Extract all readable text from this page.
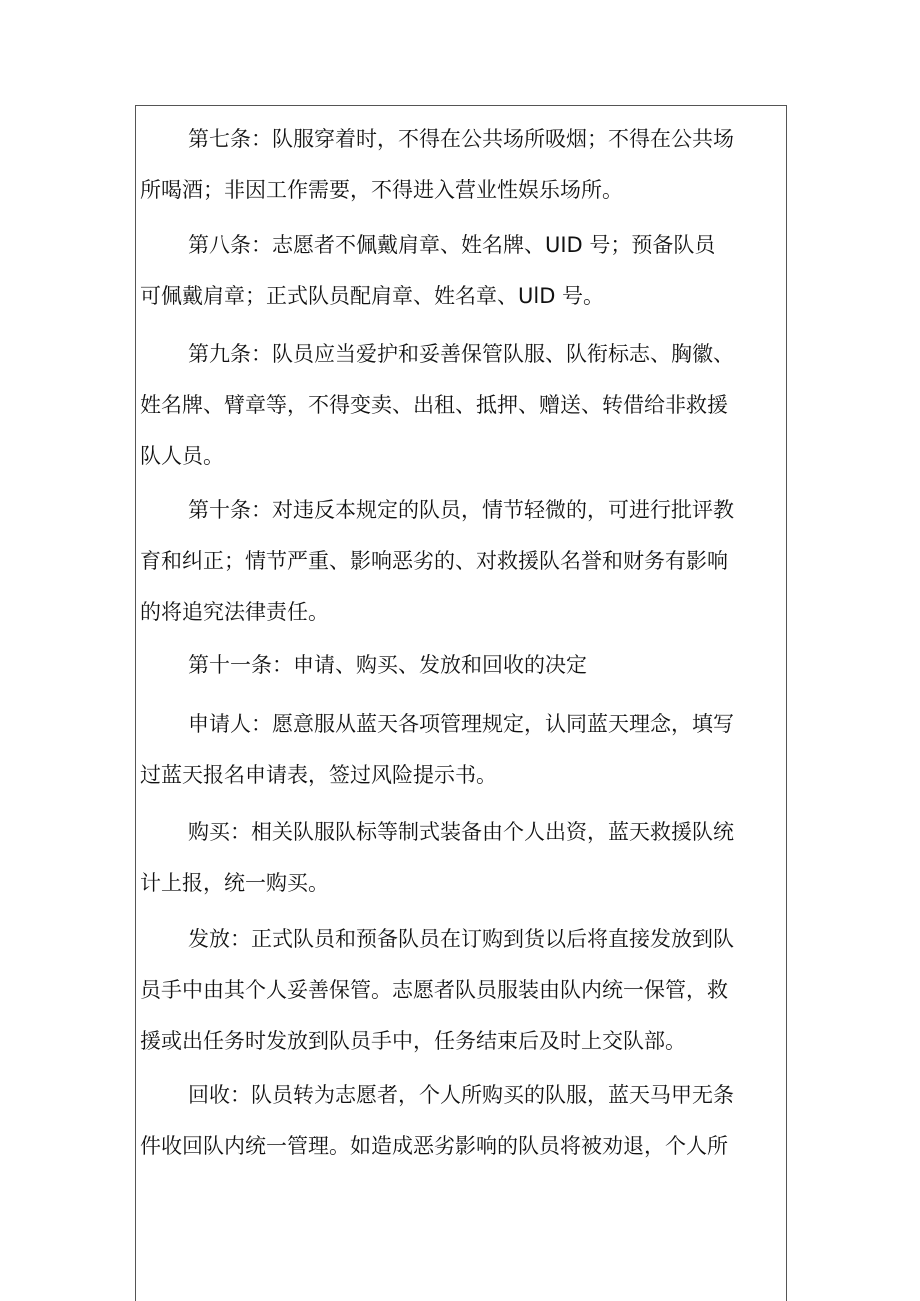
第七条：队服穿着时，不得在公共场所吸烟；不得在公共场
所喝酒；非因工作需要，不得进入营业性娱乐场所。

第八条：志愿者不佩戴肩章、姓名牌、UID 号；预备队员
可佩戴肩章；正式队员配肩章、姓名章、UlD 号。

第九条：队员应当爱护和妥善保管队服、队衔标志、胸徽、
姓名牌、臂章等，不得变卖、出租、抵押、赠送、转借给非救援
队人员。

第十条：对违反本规定的队员，情节轻微的，可进行批评教
育和纠正；情节严重、影响恶劣的、对救援队名誉和财务有影响
的将追究法律责任。

第十一条：申请、购买、发放和回收的决定

申请人：愿意服从蓝天各项管理规定，认同蓝天理念，填写
过蓝天报名申请表，签过风险提示书。

购买：相关队服队标等制式装备由个人出资，蓝天救援队统
计上报，统一购买。

发放：正式队员和预备队员在订购到货以后将直接发放到队
员手中由其个人妥善保管。志愿者队员服装由队内统一保管，救
援或出任务时发放到队员手中，任务结束后及时上交队部。

回收：队员转为志愿者，个人所购买的队服，蓝天马甲无条
件收回队内统一管理。如造成恶劣影响的队员将被劝退，个人所
